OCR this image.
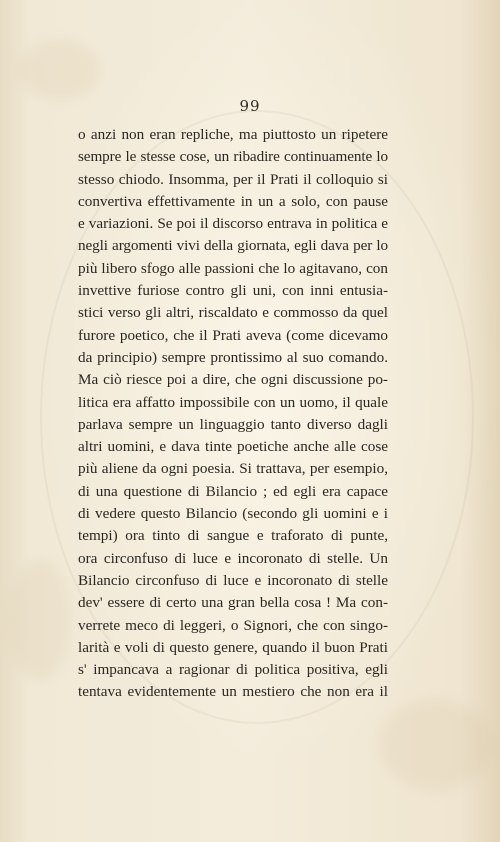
99
o anzi non eran repliche, ma piuttosto un ripetere
sempre le stesse cose, un ribadire continuamente lo
stesso chiodo. Insomma, per il Prati il colloquio si
convertiva effettivamente in un a solo, con pause
e variazioni. Se poi il discorso entrava in politica e
negli argomenti vivi della giornata, egli dava per lo
più libero sfogo alle passioni che lo agitavano, con
invettive furiose contro gli uni, con inni entusia-
stici verso gli altri, riscaldato e commosso da quel
furore poetico, che il Prati aveva (come dicevamo
da principio) sempre prontissimo al suo comando.
Ma ciò riesce poi a dire, che ogni discussione po-
litica era affatto impossibile con un uomo, il quale
parlava sempre un linguaggio tanto diverso dagli
altri uomini, e dava tinte poetiche anche alle cose
più aliene da ogni poesia. Si trattava, per esempio,
di una questione di Bilancio ; ed egli era capace
di vedere questo Bilancio (secondo gli uomini e i
tempi) ora tinto di sangue e traforato di punte,
ora circonfuso di luce e incoronato di stelle. Un
Bilancio circonfuso di luce e incoronato di stelle
dev' essere di certo una gran bella cosa ! Ma con-
verrete meco di leggeri, o Signori, che con singo-
larità e voli di questo genere, quando il buon Prati
s' impancava a ragionar di politica positiva, egli
tentava evidentemente un mestiero che non era il
